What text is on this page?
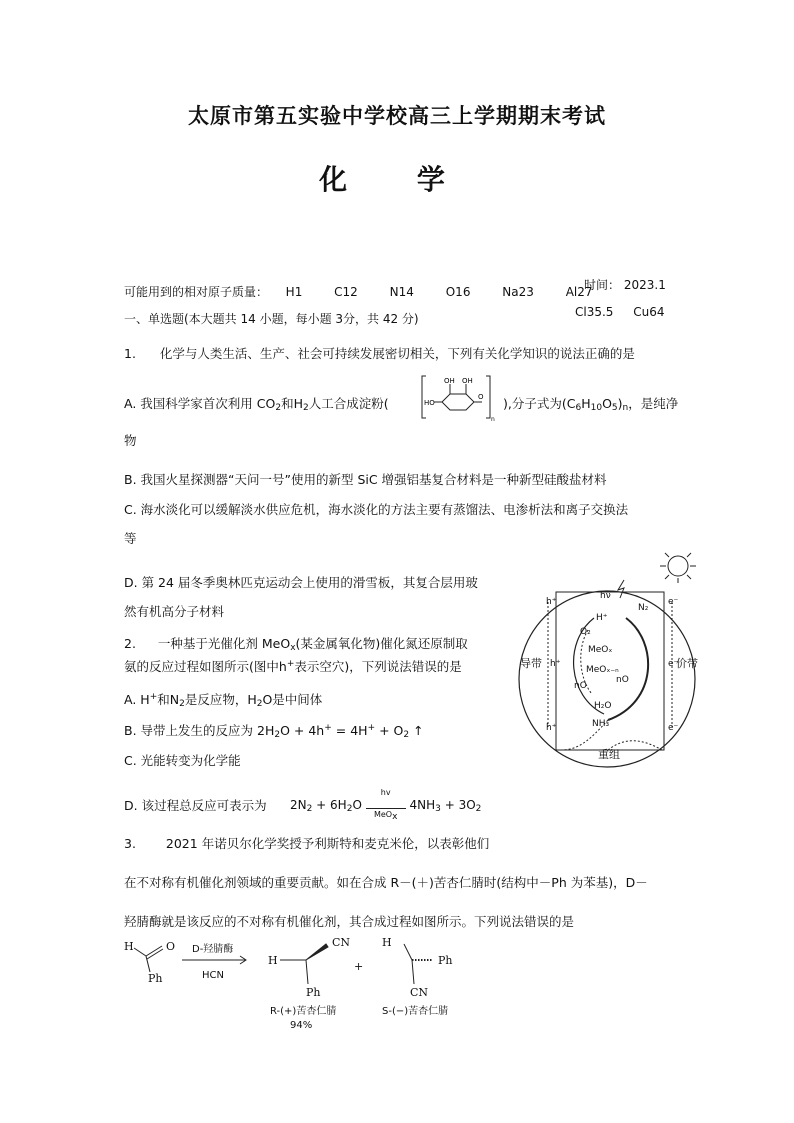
太原市第五实验中学校高三上学期期末考试
化 学
可能用到的相对原子质量： H1	C12	N14	O16	Na23	Al27
时间： 2023.1
Cl35.5 Cu64
一、单选题(本大题共 14 小题，每小题 3分，共 42 分)
1. 化学与人类生活、生产、社会可持续发展密切相关，下列有关化学知识的说法正确的是
A. 我国科学家首次利用 $CO_2$和$H_2$人工合成淀粉(
OH OH
HO
O
n
),分子式为$(C_6H_{10}O_5)_n$，是纯净
物
B. 我国火星探测器“天问一号”使用的新型 SiC 增强铝基复合材料是一种新型硅酸盐材料
C. 海水淡化可以缓解淡水供应危机，海水淡化的方法主要有蒸馏法、电渗析法和离子交换法
等
D. 第 24 届冬季奥林匹克运动会上使用的滑雪板，其复合层用玻
然有机高分子材料
2. 一种基于光催化剂 MeO$_x$(某金属氧化物)催化氮还原制取
氨的反应过程如图所示(图中h+表示空穴)，下列说法错误的是
A. H+和$N_2$是反应物，$H_2O$是中间体
B. 导带上发生的反应为 $2H_2O + 4h^+ = 4H^+ + O_2$ ↑
C. 光能转变为化学能
D. 该过程总反应可表示为 $2N_2 + 6H_2O$
hv
MeO$_x$
$4NH_3 + 3O_2$
hν
h⁺	e⁻
H⁺
N₂
O₂
MeOₓ
MeOₓ₋ₙ
nO
nO
H₂O
NH₃
h⁺	e⁻
h⁺	e⁻
导带	价带
重组
3. 2021 年诺贝尔化学奖授予利斯特和麦克米伦，以表彰他们
在不对称有机催化剂领域的重要贡献。如在合成 R－(＋)苦杏仁腈时(结构中－Ph 为苯基)，D－
羟腈酶就是该反应的不对称有机催化剂，其合成过程如图所示。下列说法错误的是
H	O
Ph
H
CN
Ph
+
H
Ph
CN
D-羟腈酶
HCN
R-(+)苦杏仁腈
94%
S-(−)苦杏仁腈
